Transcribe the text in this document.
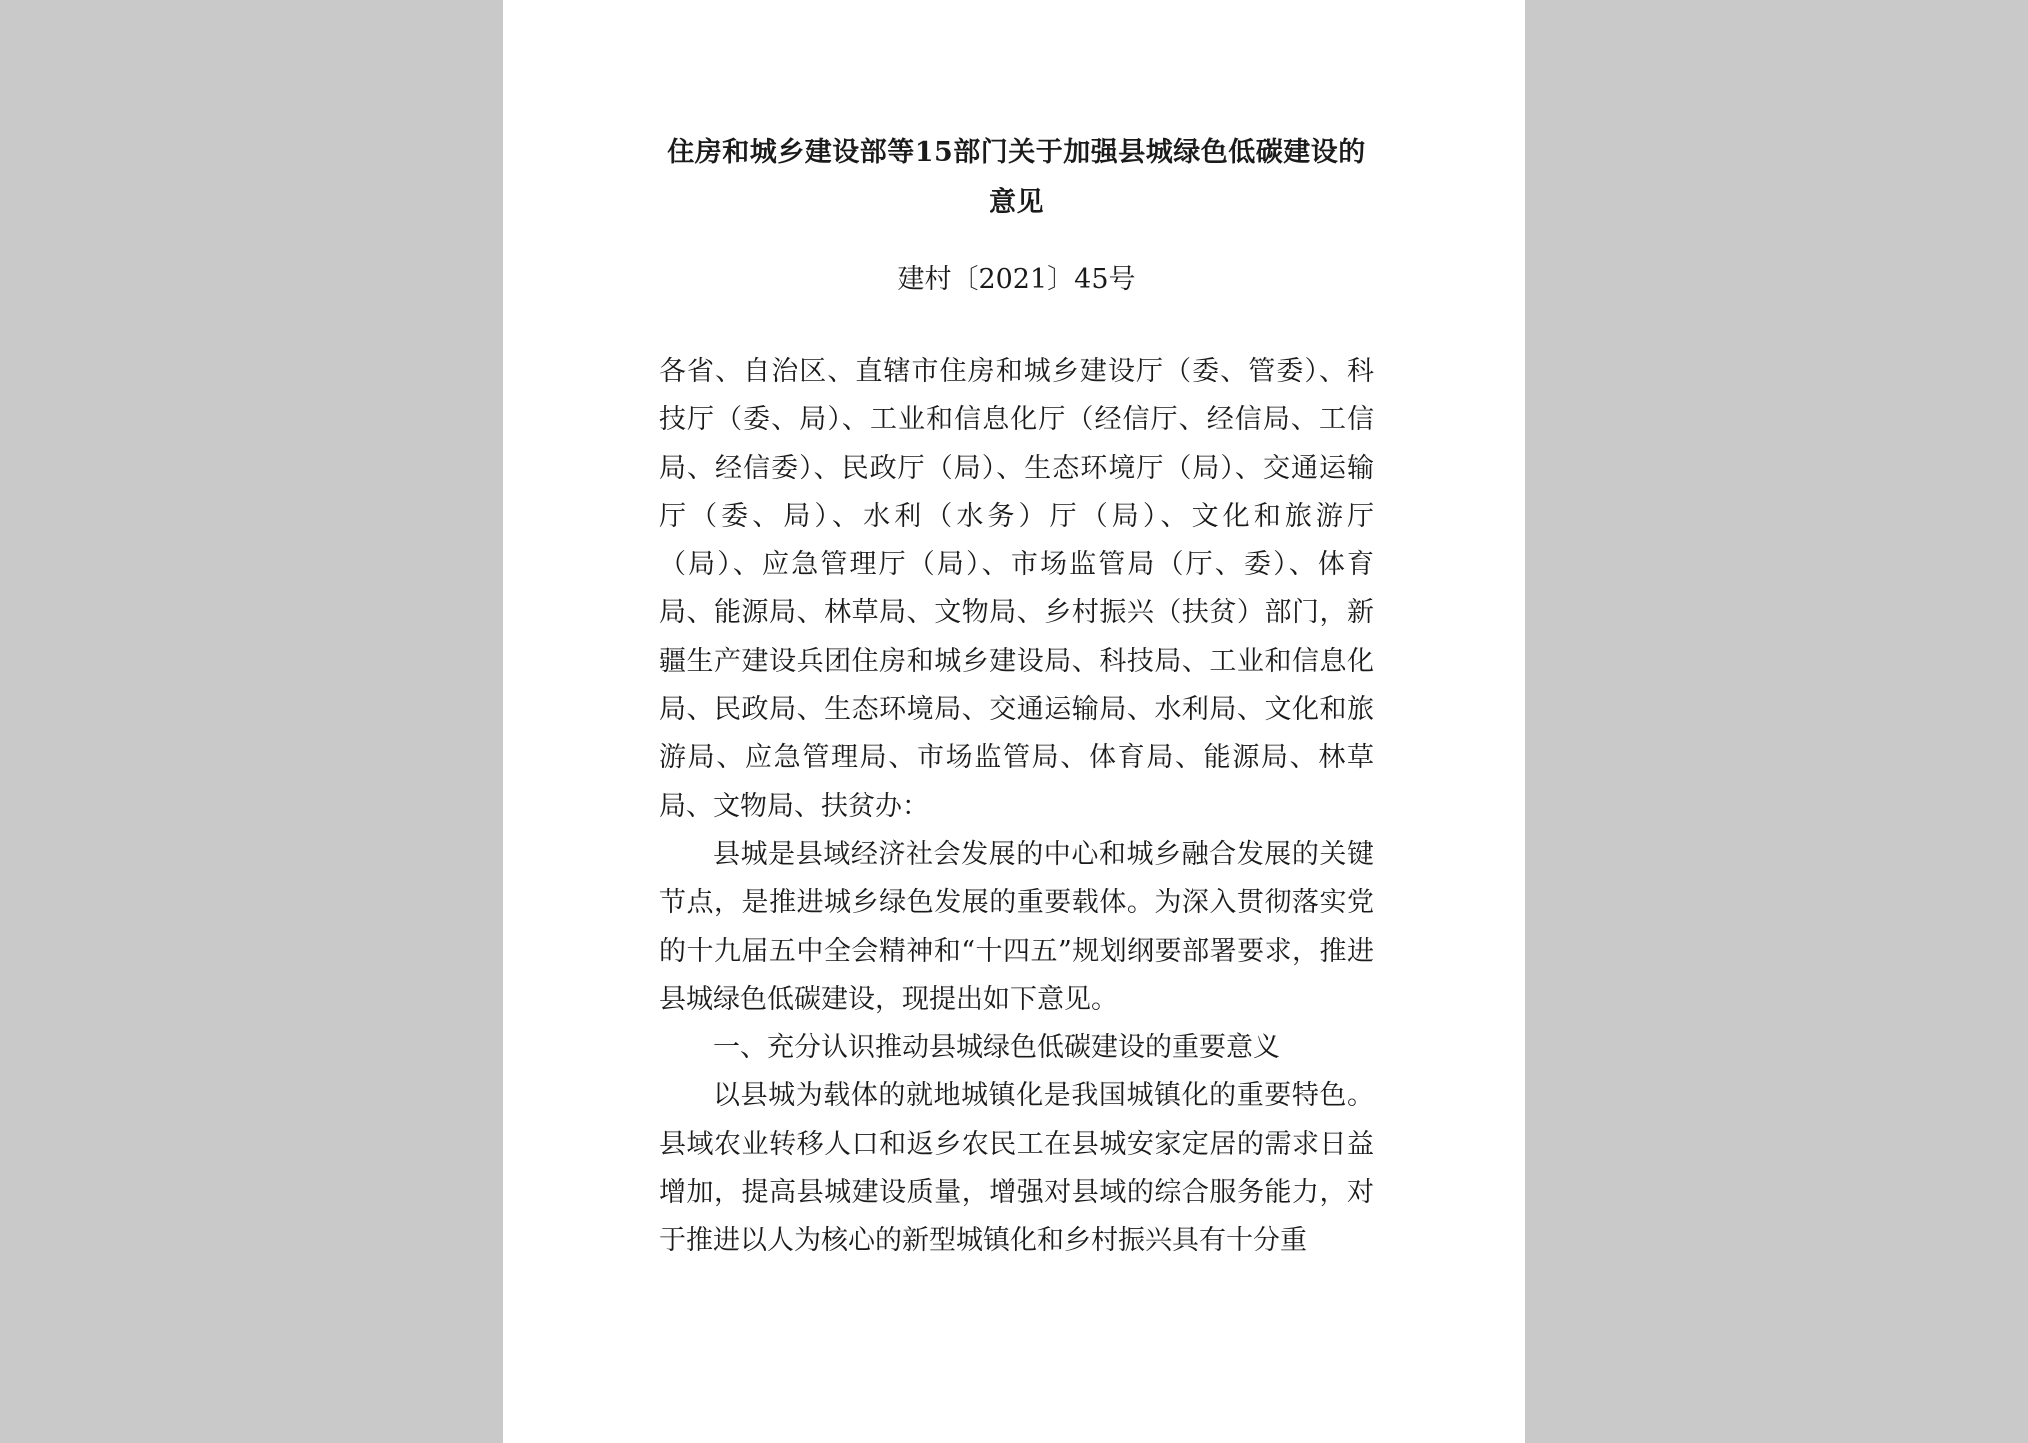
住房和城乡建设部等15部门关于加强县城绿色低碳建设的
意见
建村〔2021〕45号

各省、自治区、直辖市住房和城乡建设厅（委、管委）、科技厅（委、局）、工业和信息化厅（经信厅、经信局、工信局、经信委）、民政厅（局）、生态环境厅（局）、交通运输厅（委、局）、水利（水务）厅（局）、文化和旅游厅（局）、应急管理厅（局）、市场监管局（厅、委）、体育局、能源局、林草局、文物局、乡村振兴（扶贫）部门，新疆生产建设兵团住房和城乡建设局、科技局、工业和信息化局、民政局、生态环境局、交通运输局、水利局、文化和旅游局、应急管理局、市场监管局、体育局、能源局、林草局、文物局、扶贫办：

县城是县域经济社会发展的中心和城乡融合发展的关键节点，是推进城乡绿色发展的重要载体。为深入贯彻落实党的十九届五中全会精神和“十四五”规划纲要部署要求，推进县城绿色低碳建设，现提出如下意见。

一、充分认识推动县城绿色低碳建设的重要意义

以县城为载体的就地城镇化是我国城镇化的重要特色。县域农业转移人口和返乡农民工在县城安家定居的需求日益增加，提高县城建设质量，增强对县域的综合服务能力，对于推进以人为核心的新型城镇化和乡村振兴具有十分重
